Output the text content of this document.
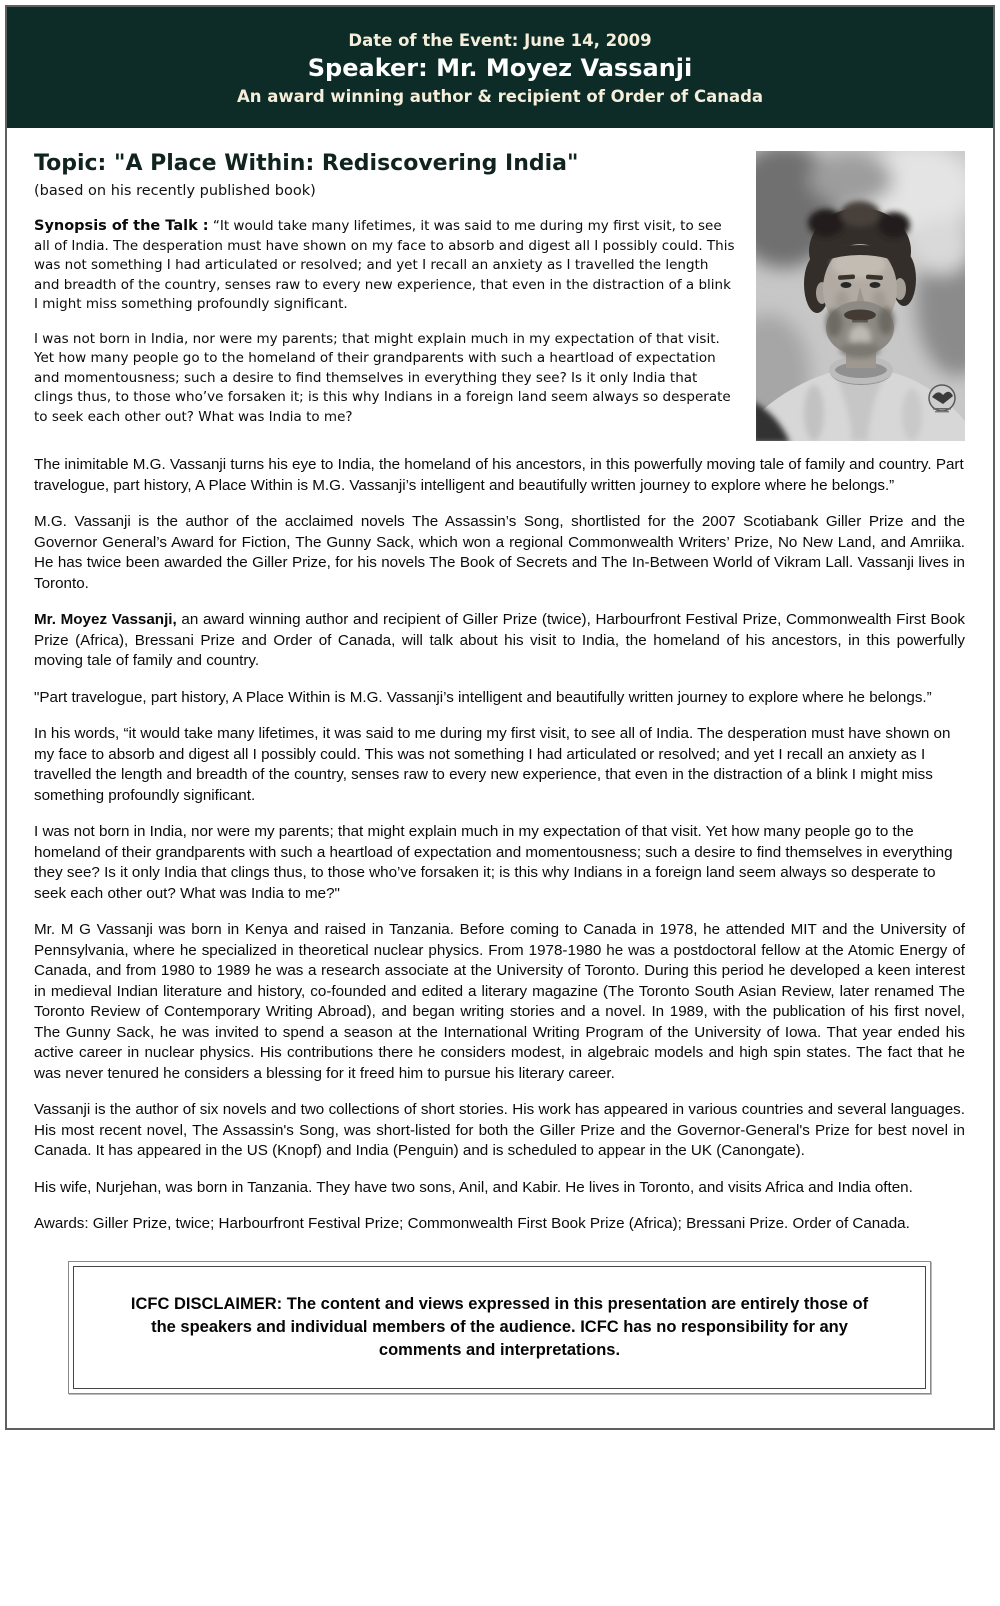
Date of the Event: June 14, 2009
Speaker: Mr. Moyez Vassanji
An award winning author & recipient of Order of Canada
Topic: "A Place Within: Rediscovering India"

(based on his recently published book)

Synopsis of the Talk : “It would take many lifetimes, it was said to me during my first visit, to see all of India. The desperation must have shown on my face to absorb and digest all I possibly could. This was not something I had articulated or resolved; and yet I recall an anxiety as I travelled the length and breadth of the country, senses raw to every new experience, that even in the distraction of a blink I might miss something profoundly significant.

I was not born in India, nor were my parents; that might explain much in my expectation of that visit. Yet how many people go to the homeland of their grandparents with such a heartload of expectation and momentousness; such a desire to find themselves in everything they see? Is it only India that clings thus, to those who’ve forsaken it; is this why Indians in a foreign land seem always so desperate to seek each other out? What was India to me?

The inimitable M.G. Vassanji turns his eye to India, the homeland of his ancestors, in this powerfully moving tale of family and country. Part travelogue, part history, A Place Within is M.G. Vassanji’s intelligent and beautifully written journey to explore where he belongs.”

M.G. Vassanji is the author of the acclaimed novels The Assassin’s Song, shortlisted for the 2007 Scotiabank Giller Prize and the Governor General’s Award for Fiction, The Gunny Sack, which won a regional Commonwealth Writers’ Prize, No New Land, and Amriika. He has twice been awarded the Giller Prize, for his novels The Book of Secrets and The In-Between World of Vikram Lall. Vassanji lives in Toronto.

Mr. Moyez Vassanji, an award winning author and recipient of Giller Prize (twice), Harbourfront Festival Prize, Commonwealth First Book Prize (Africa), Bressani Prize and Order of Canada, will talk about his visit to India, the homeland of his ancestors, in this powerfully moving tale of family and country.

"Part travelogue, part history, A Place Within is M.G. Vassanji’s intelligent and beautifully written journey to explore where he belongs.”

In his words, “it would take many lifetimes, it was said to me during my first visit, to see all of India. The desperation must have shown on my face to absorb and digest all I possibly could. This was not something I had articulated or resolved; and yet I recall an anxiety as I travelled the length and breadth of the country, senses raw to every new experience, that even in the distraction of a blink I might miss something profoundly significant.

I was not born in India, nor were my parents; that might explain much in my expectation of that visit. Yet how many people go to the homeland of their grandparents with such a heartload of expectation and momentousness; such a desire to find themselves in everything they see? Is it only India that clings thus, to those who’ve forsaken it; is this why Indians in a foreign land seem always so desperate to seek each other out? What was India to me?"

Mr. M G Vassanji was born in Kenya and raised in Tanzania. Before coming to Canada in 1978, he attended MIT and the University of Pennsylvania, where he specialized in theoretical nuclear physics. From 1978-1980 he was a postdoctoral fellow at the Atomic Energy of Canada, and from 1980 to 1989 he was a research associate at the University of Toronto. During this period he developed a keen interest in medieval Indian literature and history, co-founded and edited a literary magazine (The Toronto South Asian Review, later renamed The Toronto Review of Contemporary Writing Abroad), and began writing stories and a novel. In 1989, with the publication of his first novel, The Gunny Sack, he was invited to spend a season at the International Writing Program of the University of Iowa. That year ended his active career in nuclear physics. His contributions there he considers modest, in algebraic models and high spin states. The fact that he was never tenured he considers a blessing for it freed him to pursue his literary career.

Vassanji is the author of six novels and two collections of short stories. His work has appeared in various countries and several languages. His most recent novel, The Assassin's Song, was short-listed for both the Giller Prize and the Governor-General's Prize for best novel in Canada. It has appeared in the US (Knopf) and India (Penguin) and is scheduled to appear in the UK (Canongate).

His wife, Nurjehan, was born in Tanzania. They have two sons, Anil, and Kabir. He lives in Toronto, and visits Africa and India often.

Awards: Giller Prize, twice; Harbourfront Festival Prize; Commonwealth First Book Prize (Africa); Bressani Prize. Order of Canada.

ICFC DISCLAIMER: The content and views expressed in this presentation are entirely those of the speakers and individual members of the audience. ICFC has no responsibility for any comments and interpretations.
